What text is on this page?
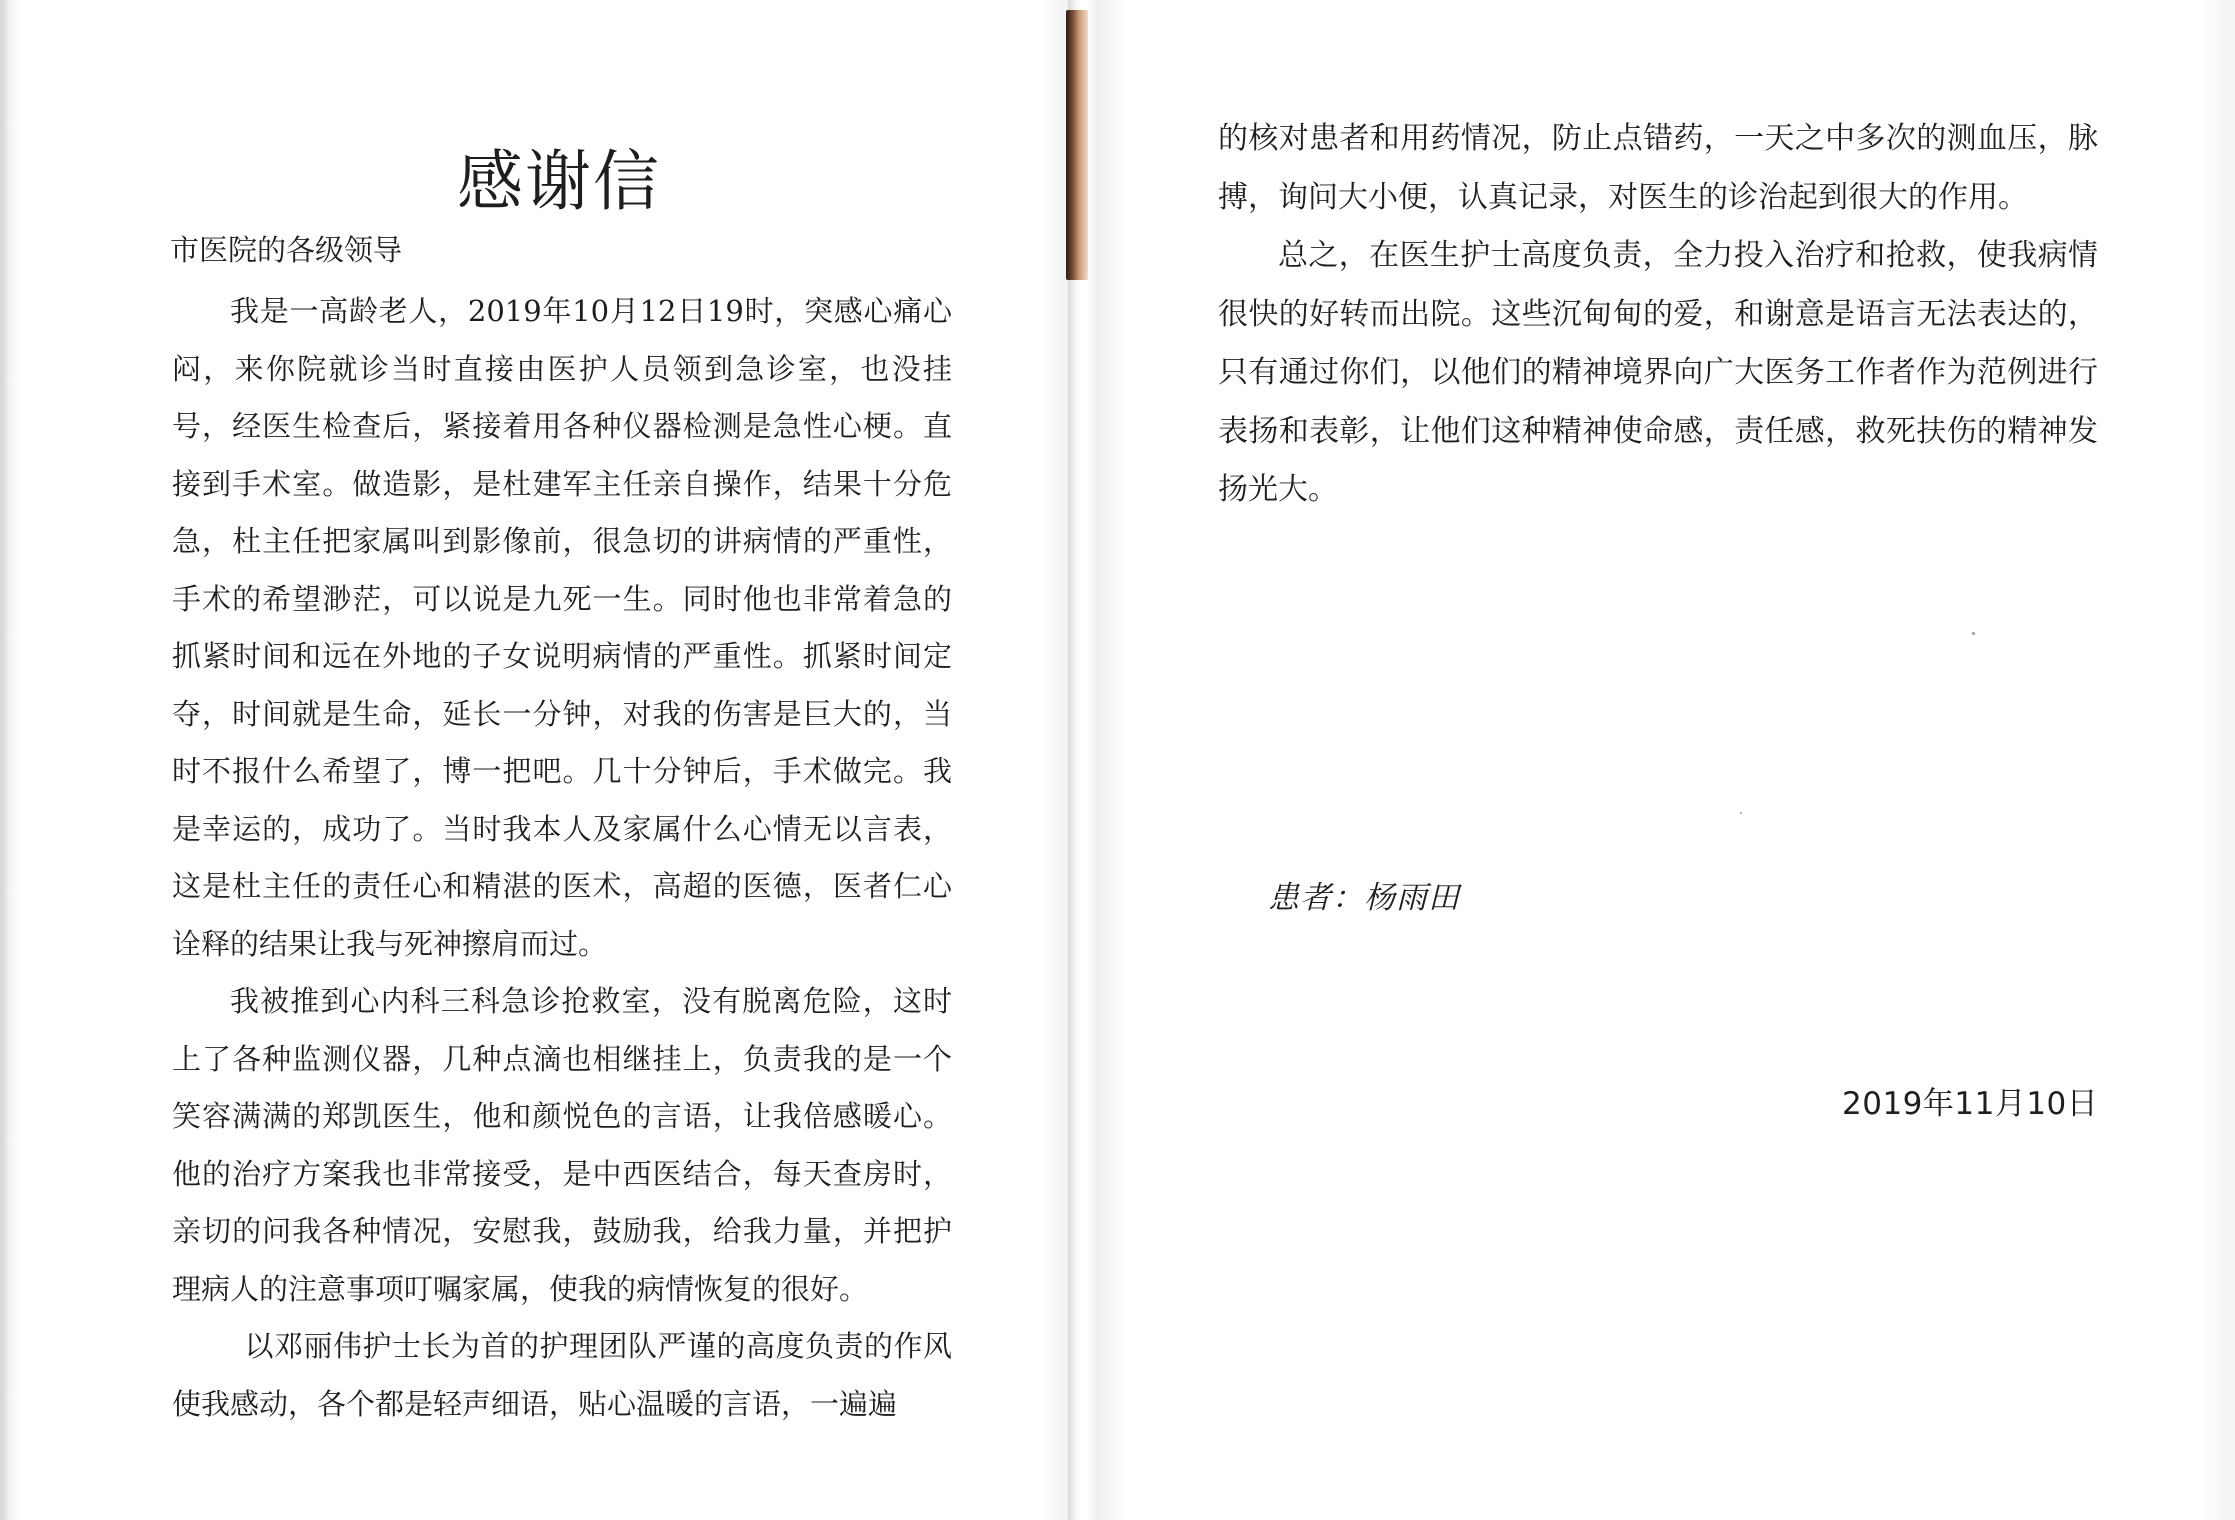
感谢信
市医院的各级领导

我是一高龄老人，2019年10月12日19时，突感心痛心闷，来你院就诊当时直接由医护人员领到急诊室，也没挂号，经医生检查后，紧接着用各种仪器检测是急性心梗。直接到手术室。做造影，是杜建军主任亲自操作，结果十分危急，杜主任把家属叫到影像前，很急切的讲病情的严重性，手术的希望渺茫，可以说是九死一生。同时他也非常着急的抓紧时间和远在外地的子女说明病情的严重性。抓紧时间定夺，时间就是生命，延长一分钟，对我的伤害是巨大的，当时不报什么希望了，博一把吧。几十分钟后，手术做完。我是幸运的，成功了。当时我本人及家属什么心情无以言表，这是杜主任的责任心和精湛的医术，高超的医德，医者仁心诠释的结果让我与死神擦肩而过。

我被推到心内科三科急诊抢救室，没有脱离危险，这时上了各种监测仪器，几种点滴也相继挂上，负责我的是一个笑容满满的郑凯医生，他和颜悦色的言语，让我倍感暖心。他的治疗方案我也非常接受，是中西医结合，每天查房时，亲切的问我各种情况，安慰我，鼓励我，给我力量，并把护理病人的注意事项叮嘱家属，使我的病情恢复的很好。

以邓丽伟护士长为首的护理团队严谨的高度负责的作风使我感动，各个都是轻声细语，贴心温暖的言语，一遍遍

的核对患者和用药情况，防止点错药，一天之中多次的测血压，脉搏，询问大小便，认真记录，对医生的诊治起到很大的作用。

总之，在医生护士高度负责，全力投入治疗和抢救，使我病情很快的好转而出院。这些沉甸甸的爱，和谢意是语言无法表达的，只有通过你们，以他们的精神境界向广大医务工作者作为范例进行表扬和表彰，让他们这种精神使命感，责任感，救死扶伤的精神发扬光大。

患者：杨雨田
2019年11月10日
